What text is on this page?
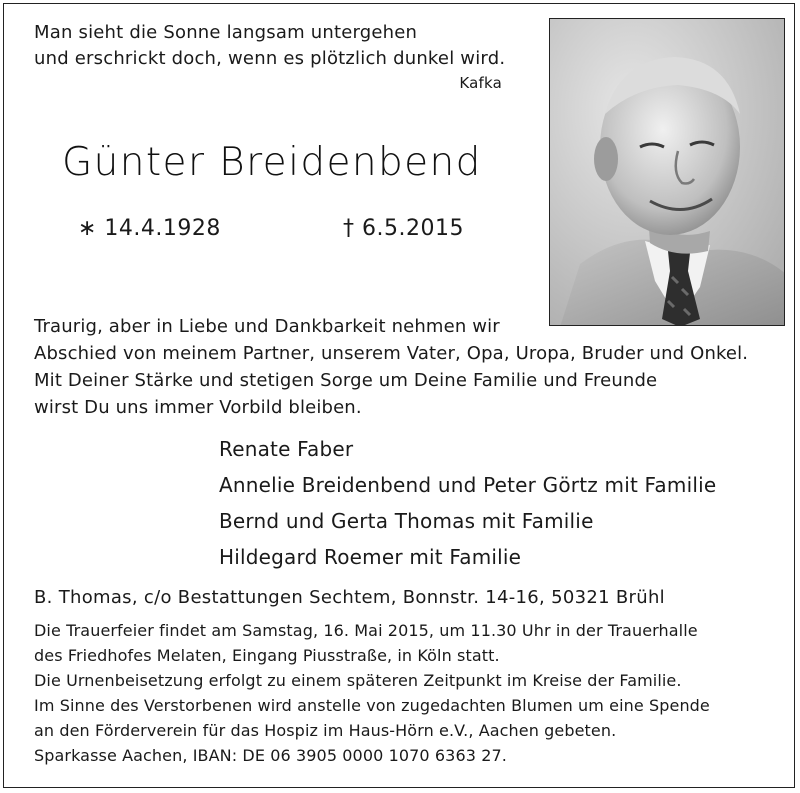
Man sieht die Sonne langsam untergehen
und erschrickt doch, wenn es plötzlich dunkel wird.
Kafka
Günter Breidenbend
∗ 14.4.1928	† 6.5.2015
Traurig, aber in Liebe und Dankbarkeit nehmen wir
Abschied von meinem Partner, unserem Vater, Opa, Uropa, Bruder und Onkel.
Mit Deiner Stärke und stetigen Sorge um Deine Familie und Freunde
wirst Du uns immer Vorbild bleiben.
Renate Faber
Annelie Breidenbend und Peter Görtz mit Familie
Bernd und Gerta Thomas mit Familie
Hildegard Roemer mit Familie
B. Thomas, c/o Bestattungen Sechtem, Bonnstr. 14-16, 50321 Brühl
Die Trauerfeier findet am Samstag, 16. Mai 2015, um 11.30 Uhr in der Trauerhalle
des Friedhofes Melaten, Eingang Piusstraße, in Köln statt.
Die Urnenbeisetzung erfolgt zu einem späteren Zeitpunkt im Kreise der Familie.
Im Sinne des Verstorbenen wird anstelle von zugedachten Blumen um eine Spende
an den Förderverein für das Hospiz im Haus-Hörn e.V., Aachen gebeten.
Sparkasse Aachen, IBAN: DE 06 3905 0000 1070 6363 27.
